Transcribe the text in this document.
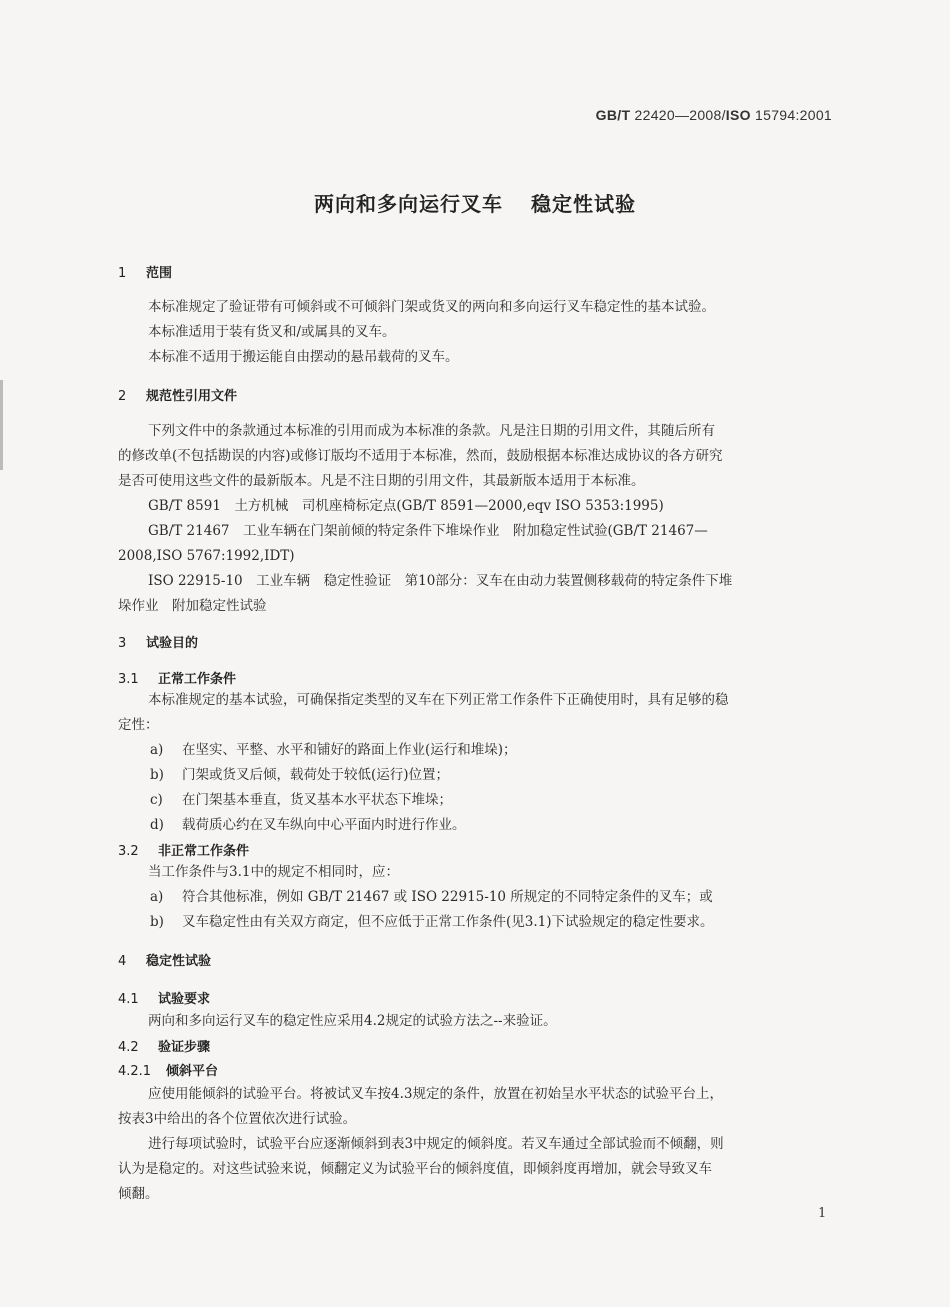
GB/T 22420—2008/ISO 15794:2001
两向和多向运行叉车 稳定性试验
1 范围
本标准规定了验证带有可倾斜或不可倾斜门架或货叉的两向和多向运行叉车稳定性的基本试验。
本标准适用于装有货叉和/或属具的叉车。
本标准不适用于搬运能自由摆动的悬吊载荷的叉车。
2 规范性引用文件
下列文件中的条款通过本标准的引用而成为本标准的条款。凡是注日期的引用文件，其随后所有
的修改单(不包括勘误的内容)或修订版均不适用于本标准，然而，鼓励根据本标准达成协议的各方研究
是否可使用这些文件的最新版本。凡是不注日期的引用文件，其最新版本适用于本标准。
GB/T 8591　土方机械　司机座椅标定点(GB/T 8591—2000,eqv ISO 5353:1995)
GB/T 21467　工业车辆在门架前倾的特定条件下堆垛作业　附加稳定性试验(GB/T 21467—
2008,ISO 5767:1992,IDT)
ISO 22915-10　工业车辆　稳定性验证　第10部分：叉车在由动力装置侧移载荷的特定条件下堆
垛作业　附加稳定性试验
3 试验目的
3.1 正常工作条件
本标准规定的基本试验，可确保指定类型的叉车在下列正常工作条件下正确使用时，具有足够的稳
定性：
a) 在坚实、平整、水平和铺好的路面上作业(运行和堆垛)；
b) 门架或货叉后倾，载荷处于较低(运行)位置；
c) 在门架基本垂直，货叉基本水平状态下堆垛；
d) 载荷质心约在叉车纵向中心平面内时进行作业。
3.2 非正常工作条件
当工作条件与3.1中的规定不相同时，应：
a) 符合其他标准，例如 GB/T 21467 或 ISO 22915-10 所规定的不同特定条件的叉车；或
b) 叉车稳定性由有关双方商定，但不应低于正常工作条件(见3.1)下试验规定的稳定性要求。
4 稳定性试验
4.1 试验要求
两向和多向运行叉车的稳定性应采用4.2规定的试验方法之--来验证。
4.2 验证步骤
4.2.1 倾斜平台
应使用能倾斜的试验平台。将被试叉车按4.3规定的条件，放置在初始呈水平状态的试验平台上，
按表3中给出的各个位置依次进行试验。
进行每项试验时，试验平台应逐渐倾斜到表3中规定的倾斜度。若叉车通过全部试验而不倾翻，则
认为是稳定的。对这些试验来说，倾翻定义为试验平台的倾斜度值，即倾斜度再增加，就会导致叉车
倾翻。
1
